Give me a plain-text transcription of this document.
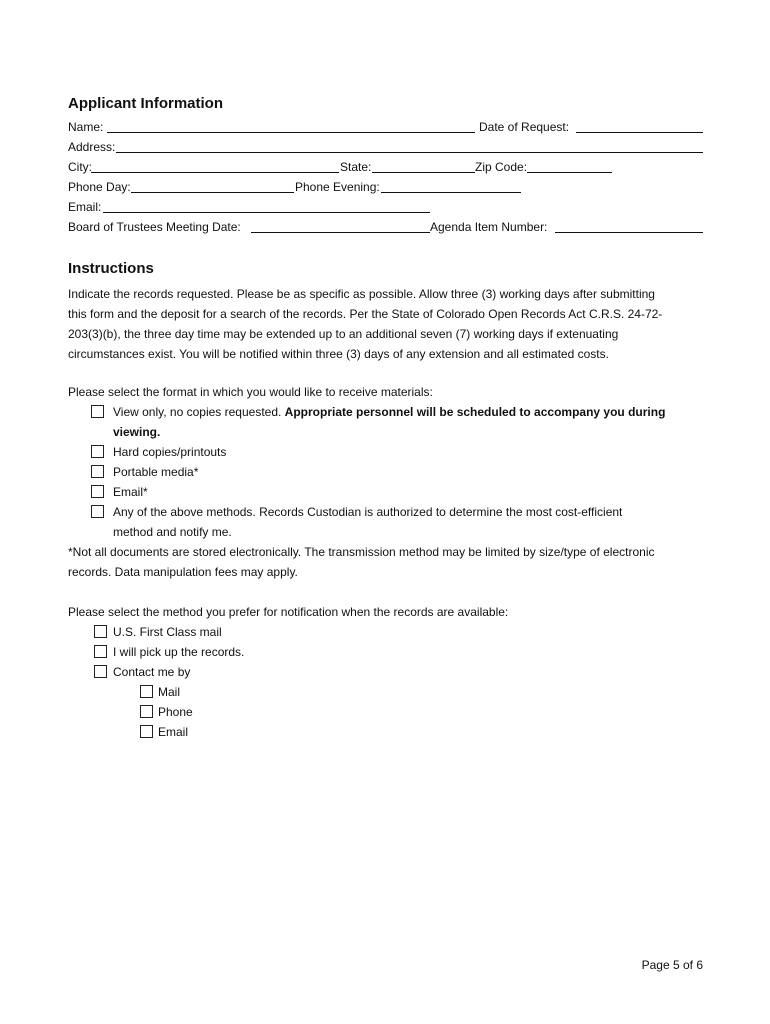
Applicant Information
Name:	Date of Request:
Address:
City:	State:	Zip Code:
Phone Day:	Phone Evening:
Email:
Board of Trustees Meeting Date:	Agenda Item Number:
Instructions
Indicate the records requested. Please be as specific as possible. Allow three (3) working days after submitting
this form and the deposit for a search of the records. Per the State of Colorado Open Records Act C.R.S. 24-72-
203(3)(b), the three day time may be extended up to an additional seven (7) working days if extenuating
circumstances exist. You will be notified within three (3) days of any extension and all estimated costs.
Please select the format in which you would like to receive materials:
View only, no copies requested. Appropriate personnel will be scheduled to accompany you during
viewing.
Hard copies/printouts
Portable media*
Email*
Any of the above methods. Records Custodian is authorized to determine the most cost-efficient
method and notify me.
*Not all documents are stored electronically. The transmission method may be limited by size/type of electronic
records. Data manipulation fees may apply.
Please select the method you prefer for notification when the records are available:
U.S. First Class mail
I will pick up the records.
Contact me by
Mail
Phone
Email
Page 5 of 6
